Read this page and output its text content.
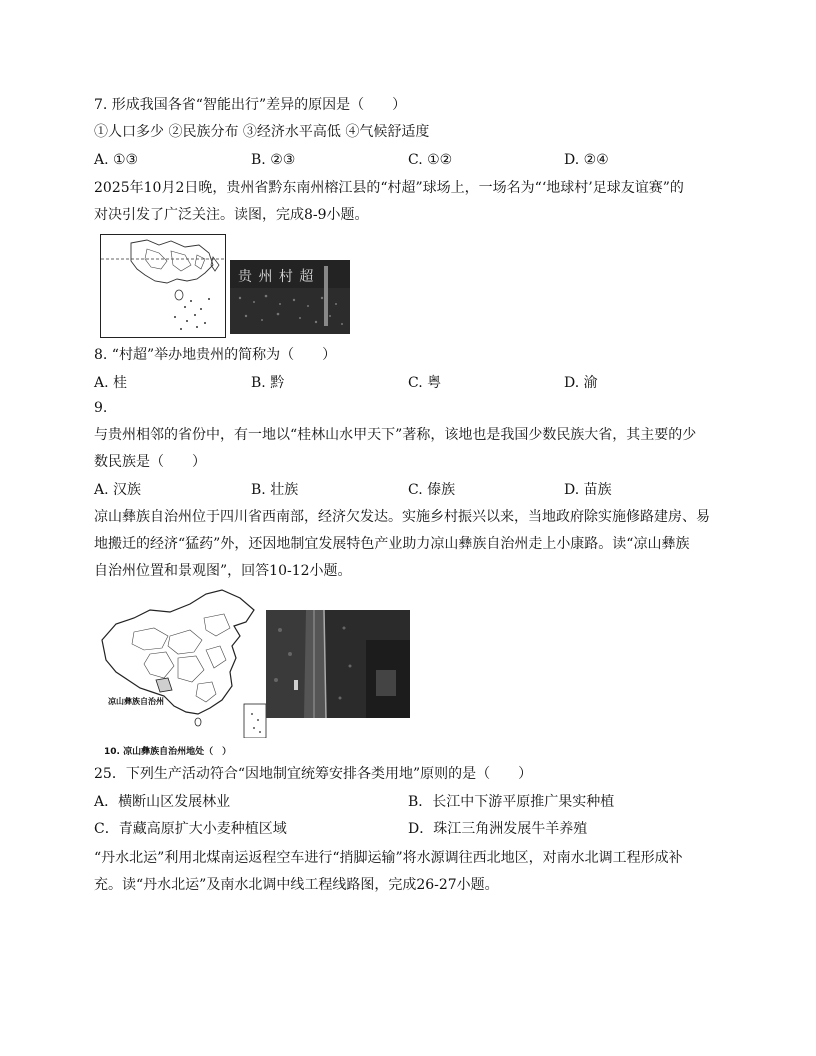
7. 形成我国各省“智能出行”差异的原因是（　　）
①人口多少 ②民族分布 ③经济水平高低 ④气候舒适度
A. ①③	B. ②③	C. ①②	D. ②④
2025年10月2日晚，贵州省黔东南州榕江县的“村超”球场上，一场名为“‘地球村’足球友谊赛”的
对决引发了广泛关注。读图，完成8-9小题。
贵 州 村 超
8. “村超”举办地贵州的简称为（　　）
A. 桂	B. 黔	C. 粤	D. 渝
9.
与贵州相邻的省份中，有一地以“桂林山水甲天下”著称，该地也是我国少数民族大省，其主要的少
数民族是（　　）
A. 汉族	B. 壮族	C. 傣族	D. 苗族
凉山彝族自治州位于四川省西南部，经济欠发达。实施乡村振兴以来，当地政府除实施修路建房、易
地搬迁的经济“猛药”外，还因地制宜发展特色产业助力凉山彝族自治州走上小康路。读“凉山彝族
自治州位置和景观图”，回答10-12小题。
凉山彝族自治州
10. 凉山彝族自治州地处（　）
25．下列生产活动符合“因地制宜统筹安排各类用地”原则的是（　　）
A．横断山区发展林业	B．长江中下游平原推广果实种植
C．青藏高原扩大小麦种植区域	D．珠江三角洲发展牛羊养殖
“丹水北运”利用北煤南运返程空车进行“捎脚运输”将水源调往西北地区，对南水北调工程形成补
充。读“丹水北运”及南水北调中线工程线路图，完成26-27小题。
